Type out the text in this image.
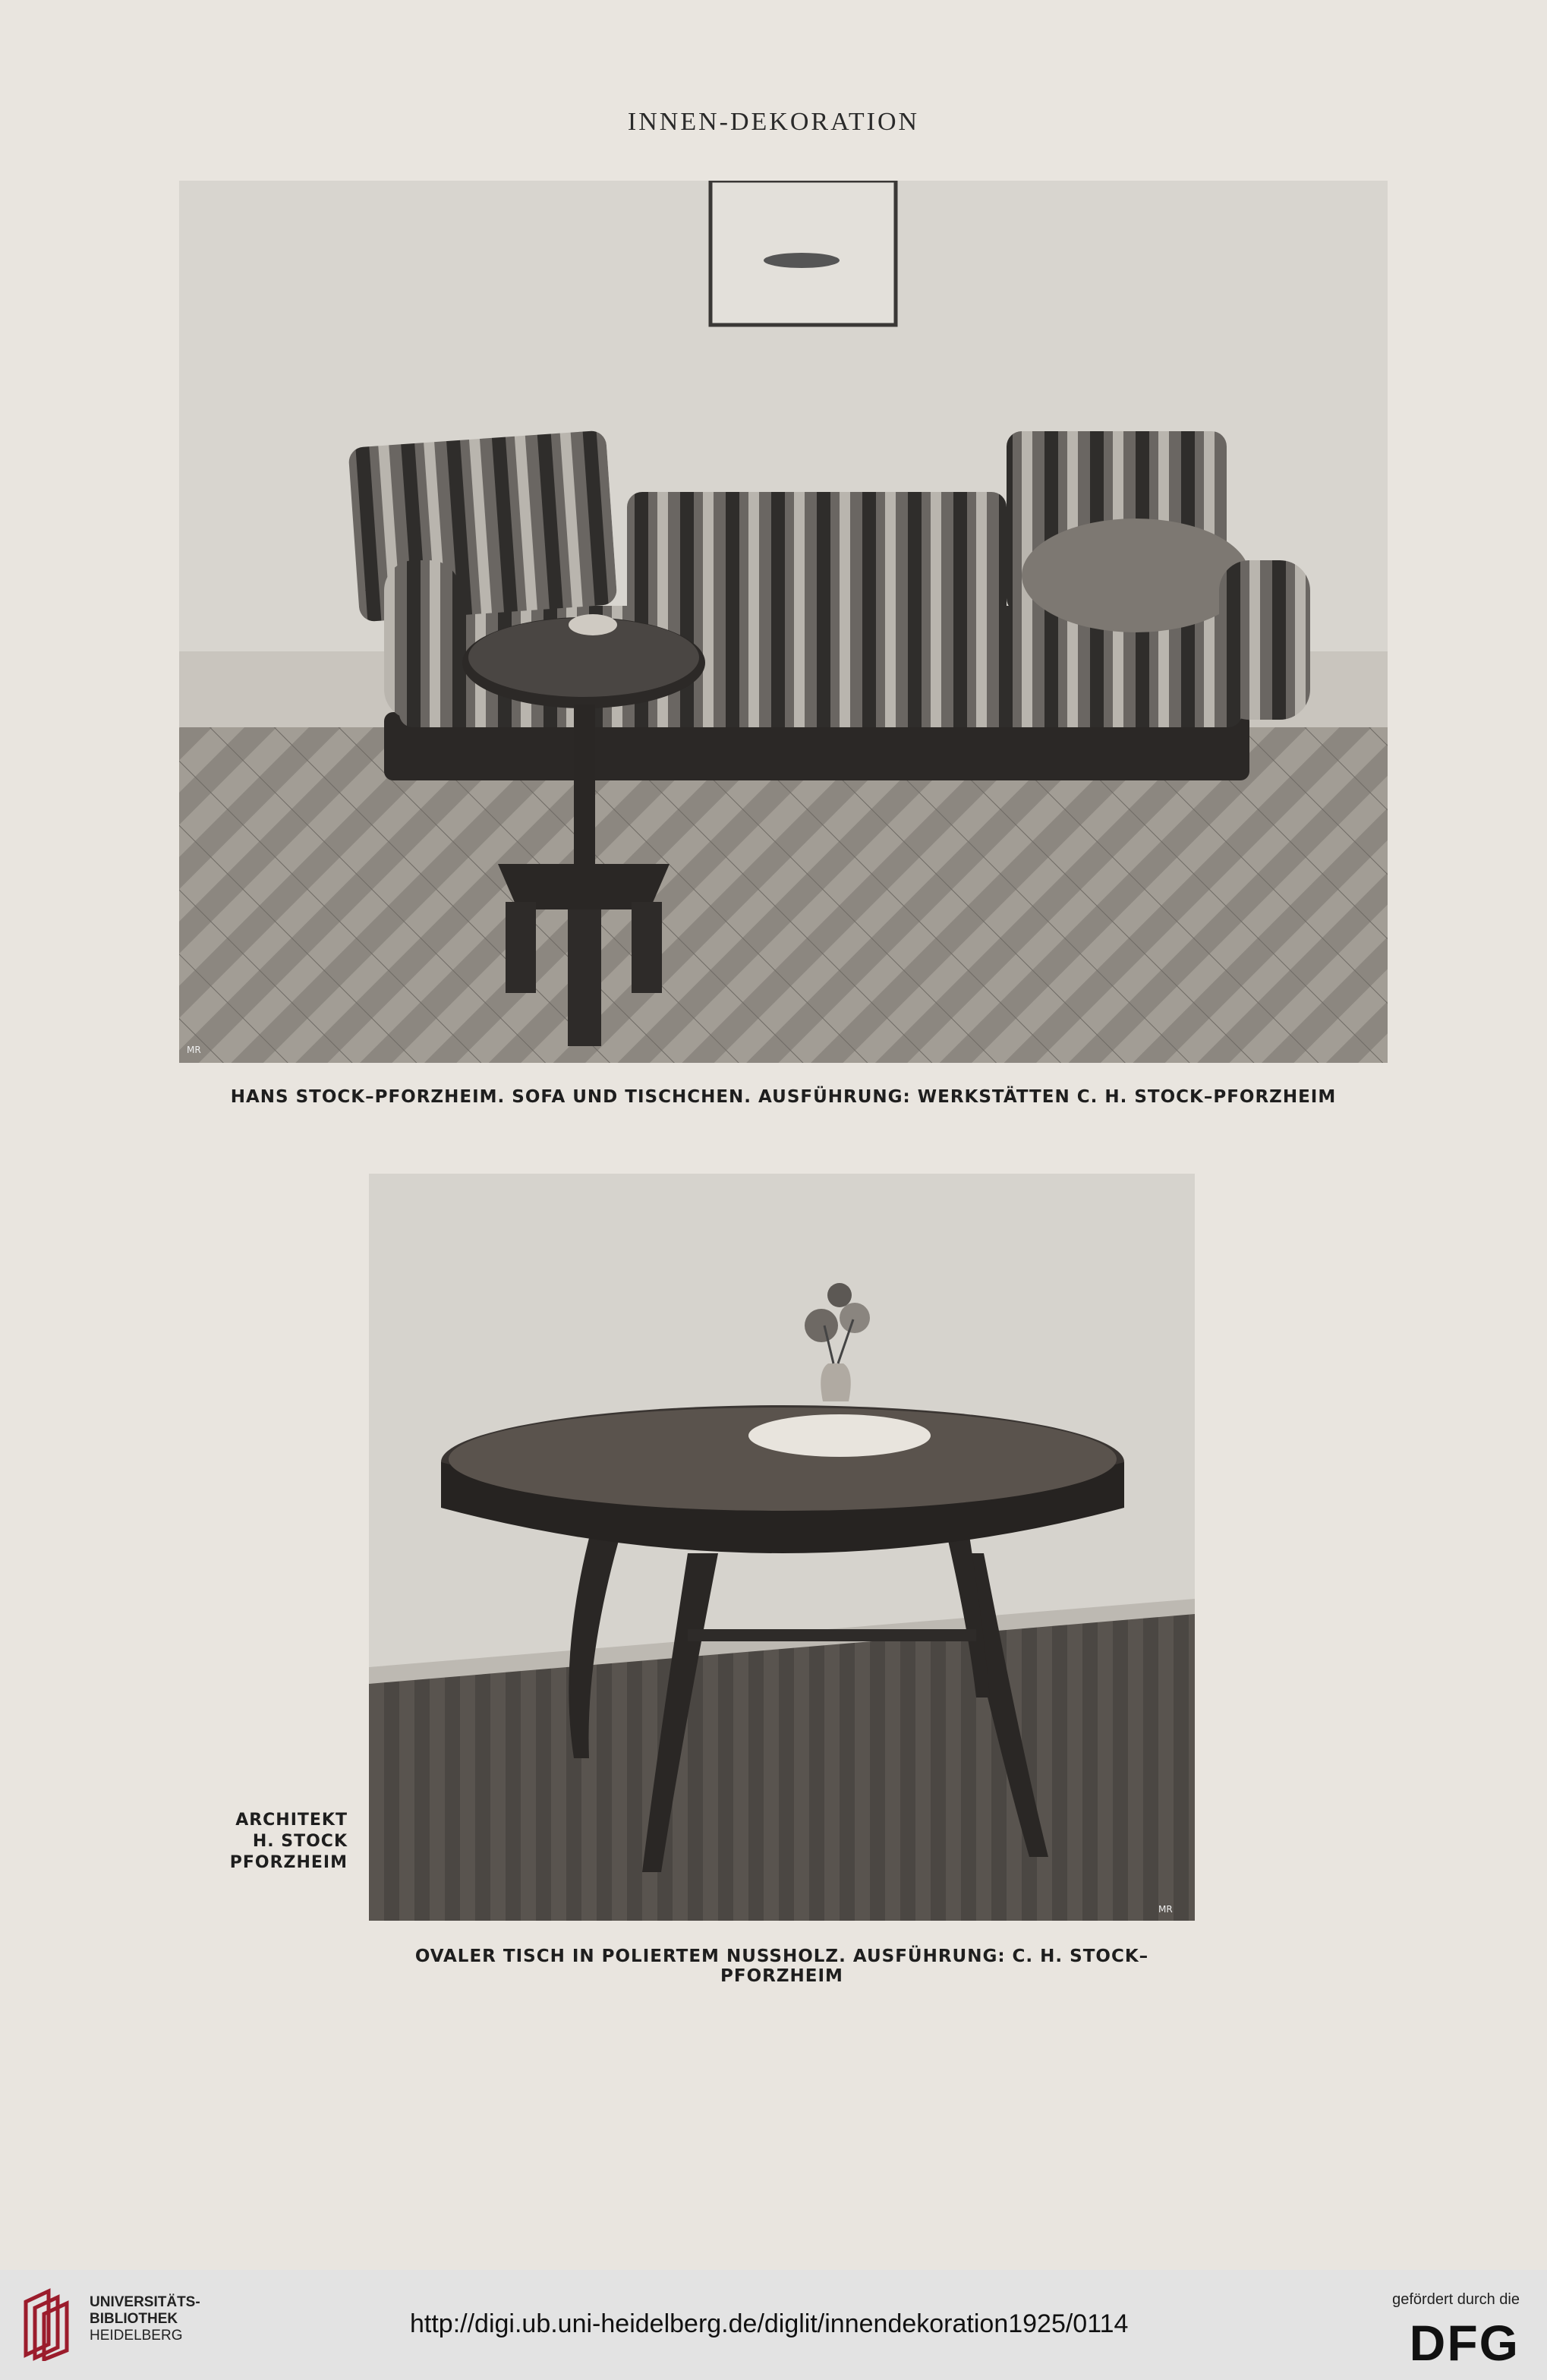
INNEN-DEKORATION
MR
HANS STOCK–PFORZHEIM. SOFA UND TISCHCHEN. AUSFÜHRUNG: WERKSTÄTTEN C. H. STOCK–PFORZHEIM
MR
ARCHITEKT
H. STOCK
PFORZHEIM
OVALER TISCH IN POLIERTEM NUSSHOLZ. AUSFÜHRUNG: C. H. STOCK–PFORZHEIM
UNIVERSITÄTS-
BIBLIOTHEK
HEIDELBERG	http://digi.ub.uni-heidelberg.de/diglit/innendekoration1925/0114
gefördert durch die
DFG
